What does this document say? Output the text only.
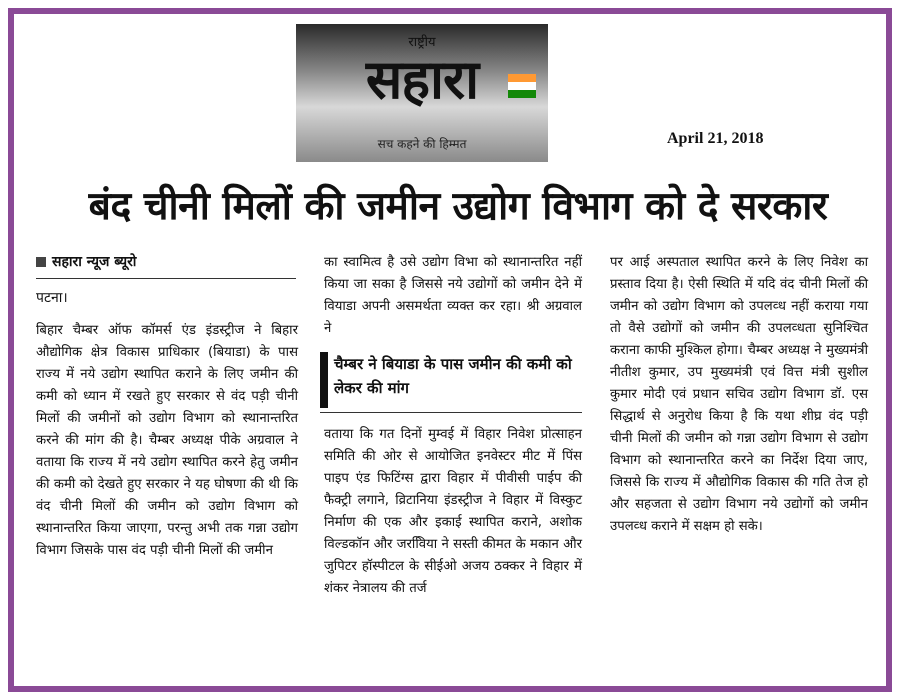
राष्ट्रीय
सहारा
सच कहने की हिम्मत	April 21, 2018
बंद चीनी मिलों की जमीन उद्योग विभाग को दे सरकार
सहारा न्यूज ब्यूरो
पटना।
बिहार चैम्बर ऑफ कॉमर्स एंड इंडस्ट्रीज ने बिहार औद्योगिक क्षेत्र विकास प्राधिकार (बियाडा) के पास राज्य में नये उद्योग स्थापित कराने के लिए जमीन की कमी को ध्यान में रखते हुए सरकार से वंद पड़ी चीनी मिलों की जमीनों को उद्योग विभाग को स्थानान्तरित करने की मांग की है। चैम्बर अध्यक्ष पीके अग्रवाल ने वताया कि राज्य में नये उद्योग स्थापित करने हेतु जमीन की कमी को देखते हुए सरकार ने यह घोषणा की थी कि वंद चीनी मिलों की जमीन को उद्योग विभाग को स्थानान्तरित किया जाएगा, परन्तु अभी तक गन्ना उद्योग विभाग जिसके पास वंद पड़ी चीनी मिलों की जमीन
का स्वामित्व है उसे उद्योग विभा को स्थानान्तरित नहीं किया जा सका है जिससे नये उद्योगों को जमीन देने में वियाडा अपनी असमर्थता व्यक्त कर रहा। श्री अग्रवाल ने
चैम्बर ने बियाडा के पास जमीन की कमी को लेकर की मांग
वताया कि गत दिनों मुम्वई में विहार निवेश प्रोत्साहन समिति की ओर से आयोजित इनवेस्टर मीट में पिंस पाइप एंड फिटिंग्स द्वारा विहार में पीवीसी पाईप की फैक्ट्री लगाने, व्रिटानिया इंडस्ट्रीज ने विहार में विस्कुट निर्माण की एक और इकाई स्थापित कराने, अशोक विल्डकॉन और जरवििया ने सस्ती कीमत के मकान और जुपिटर हॉस्पीटल के सीईओ अजय ठक्कर ने विहार में शंकर नेत्रालय की तर्ज
पर आई अस्पताल स्थापित करने के लिए निवेश का प्रस्ताव दिया है। ऐसी स्थिति में यदि वंद चीनी मिलों की जमीन को उद्योग विभाग को उपलव्ध नहीं कराया गया तो वैसे उद्योगों को जमीन की उपलव्धता सुनिश्चित कराना काफी मुश्किल होगा। चैम्बर अध्यक्ष ने मुख्यमंत्री नीतीश कुमार, उप मुख्यमंत्री एवं वित्त मंत्री सुशील कुमार मोदी एवं प्रधान सचिव उद्योग विभाग डॉ. एस सिद्धार्थ से अनुरोध किया है कि यथा शीघ्र वंद पड़ी चीनी मिलों की जमीन को गन्ना उद्योग विभाग से उद्योग विभाग को स्थानान्तरित करने का निर्देश दिया जाए, जिससे कि राज्य में औद्योगिक विकास की गति तेज हो और सहजता से उद्योग विभाग नये उद्योगों को जमीन उपलव्ध कराने में सक्षम हो सके।
